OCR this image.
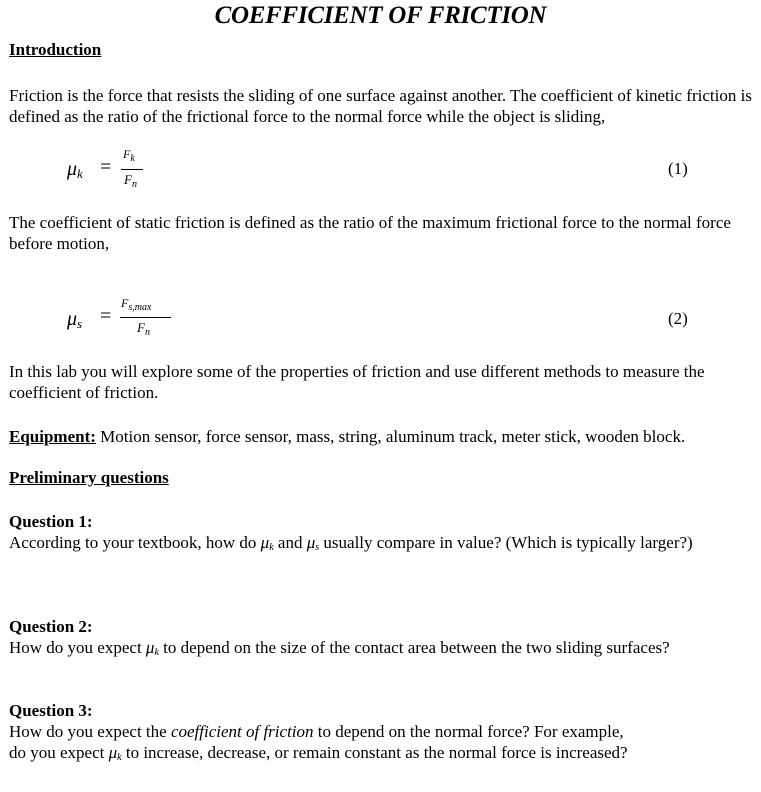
COEFFICIENT OF FRICTION
Introduction
Friction is the force that resists the sliding of one surface against another. The coefficient of kinetic friction is defined as the ratio of the frictional force to the normal force while the object is sliding,
$\mu_k$ =
$F_k$
$F_n$
(1)
The coefficient of static friction is defined as the ratio of the maximum frictional force to the normal force before motion,
$\mu_s$ =
$F_{s,max}$
$F_n$
(2)
In this lab you will explore some of the properties of friction and use different methods to measure the coefficient of friction.
Equipment: Motion sensor, force sensor, mass, string, aluminum track, meter stick, wooden block.
Preliminary questions
Question 1:
According to your textbook, how do $\mu_k$ and $\mu_s$ usually compare in value? (Which is typically larger?)
Question 2:
How do you expect $\mu_k$ to depend on the size of the contact area between the two sliding surfaces?
Question 3:
How do you expect the coefficient of friction to depend on the normal force? For example,
do you expect $\mu_k$ to increase, decrease, or remain constant as the normal force is increased?
